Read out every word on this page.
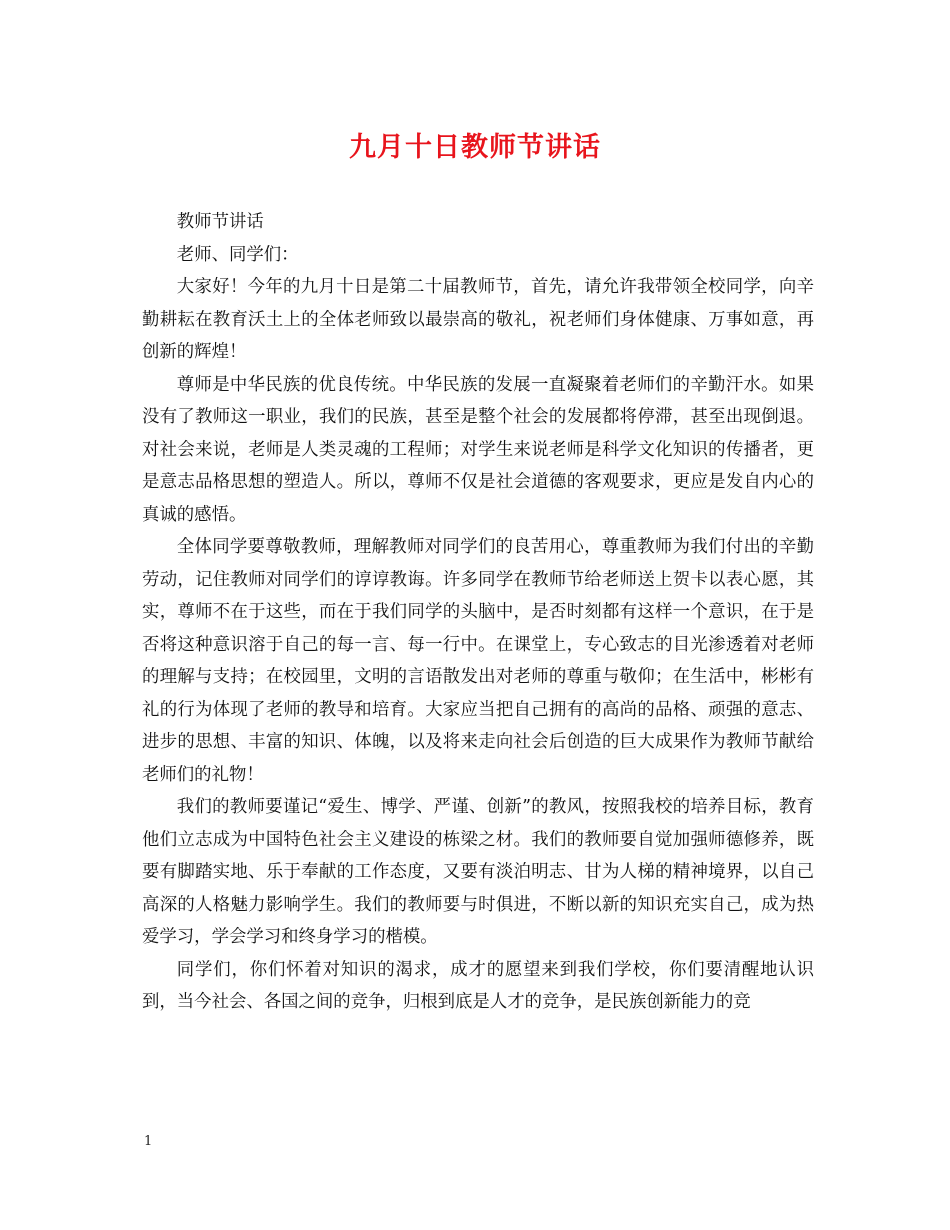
九月十日教师节讲话

教师节讲话

老师、同学们：

大家好！今年的九月十日是第二十届教师节，首先，请允许我带领全校同学，向辛勤耕耘在教育沃土上的全体老师致以最崇高的敬礼，祝老师们身体健康、万事如意，再创新的辉煌！

尊师是中华民族的优良传统。中华民族的发展一直凝聚着老师们的辛勤汗水。如果没有了教师这一职业，我们的民族，甚至是整个社会的发展都将停滞，甚至出现倒退。对社会来说，老师是人类灵魂的工程师；对学生来说老师是科学文化知识的传播者，更是意志品格思想的塑造人。所以，尊师不仅是社会道德的客观要求，更应是发自内心的真诚的感悟。

全体同学要尊敬教师，理解教师对同学们的良苦用心，尊重教师为我们付出的辛勤劳动，记住教师对同学们的谆谆教诲。许多同学在教师节给老师送上贺卡以表心愿，其实，尊师不在于这些，而在于我们同学的头脑中，是否时刻都有这样一个意识，在于是否将这种意识溶于自己的每一言、每一行中。在课堂上，专心致志的目光渗透着对老师的理解与支持；在校园里，文明的言语散发出对老师的尊重与敬仰；在生活中，彬彬有礼的行为体现了老师的教导和培育。大家应当把自己拥有的高尚的品格、顽强的意志、进步的思想、丰富的知识、体魄，以及将来走向社会后创造的巨大成果作为教师节献给老师们的礼物！

我们的教师要谨记“爱生、博学、严谨、创新”的教风，按照我校的培养目标，教育他们立志成为中国特色社会主义建设的栋梁之材。我们的教师要自觉加强师德修养，既要有脚踏实地、乐于奉献的工作态度，又要有淡泊明志、甘为人梯的精神境界，以自己高深的人格魅力影响学生。我们的教师要与时俱进，不断以新的知识充实自己，成为热爱学习，学会学习和终身学习的楷模。

同学们，你们怀着对知识的渴求，成才的愿望来到我们学校，你们要清醒地认识到，当今社会、各国之间的竞争，归根到底是人才的竞争，是民族创新能力的竞

1
